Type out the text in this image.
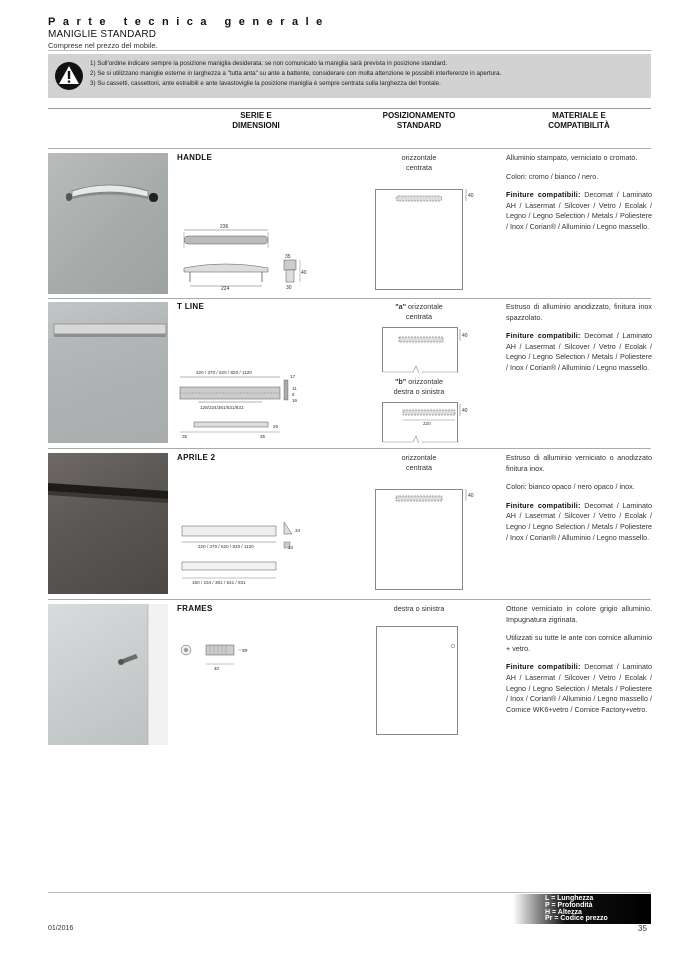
Parte tecnica generale
MANIGLIE STANDARD
Comprese nel prezzo del mobile.
1) Sull'ordine indicare sempre la posizione maniglia desiderata: se non comunicato la maniglia sarà prevista in posizione standard.
2) Se si utilizzano maniglie esterne in larghezza a "tutta anta" su ante a battente, considerare con molta attenzione le possibili interferenze in apertura.
3) Su cassetti, cassettoni, ante estraibili e ante lavastoviglie la posizione maniglia è sempre centrata sulla larghezza del frontale.
SERIE E
DIMENSIONI
POSIZIONAMENTO
STANDARD
MATERIALE E
COMPATIBILITÀ
HANDLE
236
224
35
40
30
orizzontale
centrata
40

Alluminio stampato, verniciato o cromato.

Colori: cromo / bianco / nero.

Finiture compatibili: Decomat / Laminato AH / Lasermat / Silcover / Vetro / Ecolak / Legno / Legno Selection / Metals / Poliestere / Inox / Corian® / Alluminio / Legno massello.

T LINE
220 / 370 / 520 / 820 / 1120
128/224/381/531/831
17
11
6
16
35	35
25
"a" orizzontale
centrata
40
"b" orizzontale
destra o sinistra
220
40

Estruso di alluminio anodizzato, finitura inox spazzolato.

Finiture compatibili: Decomat / Laminato AH / Lasermat / Silcover / Vetro / Ecolak / Legno / Legno Selection / Metals / Poliestere / Inox / Corian® / Alluminio / Legno massello.

APRILE 2
220 / 370 / 520 / 820 / 1120
34
13
160 / 234 / 381 / 531 / 831
orizzontale
centrata
40

Estruso di alluminio verniciato o anodizzato finitura inox.

Colori: bianco opaco / nero opaco / inox.

Finiture compatibili: Decomat / Laminato AH / Lasermat / Silcover / Vetro / Ecolak / Legno / Legno Selection / Metals / Poliestere / Inox / Corian® / Alluminio / Legno massello.

FRAMES
10
40
destra o sinistra	Ottone verniciato in colore grigio alluminio. Impugnatura zigrinata.

Utilizzati su tutte le ante con cornice alluminio + vetro.

Finiture compatibili: Decomat / Laminato AH / Lasermat / Silcover / Vetro / Ecolak / Legno / Legno Selection / Metals / Poliestere / Inox / Corian® / Alluminio / Legno massello / Cornice WK6+vetro / Cornice Factory+vetro.

L = Lunghezza
P = Profondità
H = Altezza
Pr = Codice prezzo
01/2016	35
